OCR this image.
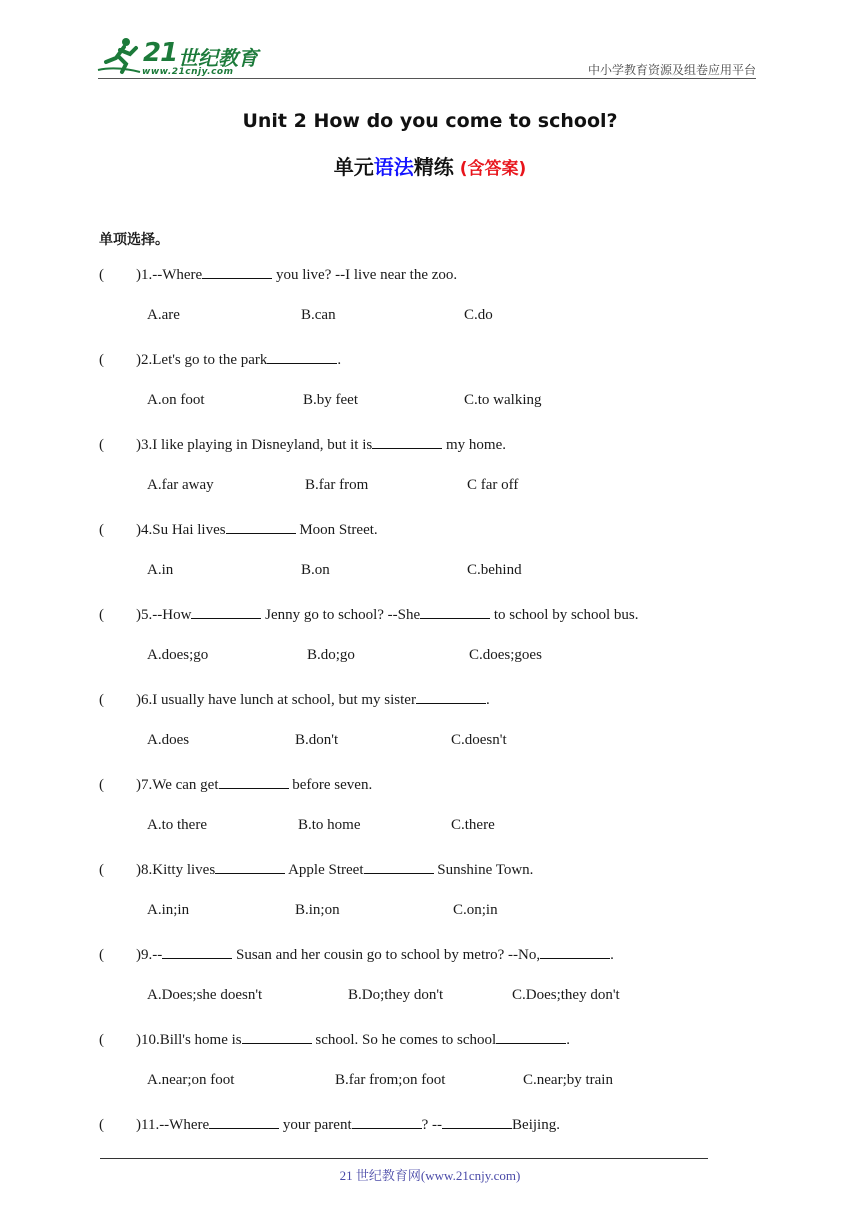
21 世纪教育
www.21cnjy.com	中小学教育资源及组卷应用平台
Unit 2 How do you come to school?
单元语法精练 (含答案)
单项选择。
( )1.--Where	you live? --I live near the zoo.
A.are	B.can	C.do
( )2.Let's go to the park	.
A.on foot	B.by feet	C.to walking
( )3.I like playing in Disneyland, but it is	my home.
A.far away	B.far from	C far off
( )4.Su Hai lives	Moon Street.
A.in	B.on	C.behind
( )5.--How	Jenny go to school? --She	to school by school bus.
A.does;go	B.do;go	C.does;goes
( )6.I usually have lunch at school, but my sister	.
A.does	B.don't	C.doesn't
( )7.We can get	before seven.
A.to there	B.to home	C.there
( )8.Kitty lives	Apple Street	Sunshine Town.
A.in;in	B.in;on	C.on;in
( )9.--	Susan and her cousin go to school by metro? --No,	.
A.Does;she doesn't	B.Do;they don't	C.Does;they don't
( )10.Bill's home is	school. So he comes to school	.
A.near;on foot	B.far from;on foot	C.near;by train
( )11.--Where	your parent	? --	Beijing.
21 世纪教育网(www.21cnjy.com)
